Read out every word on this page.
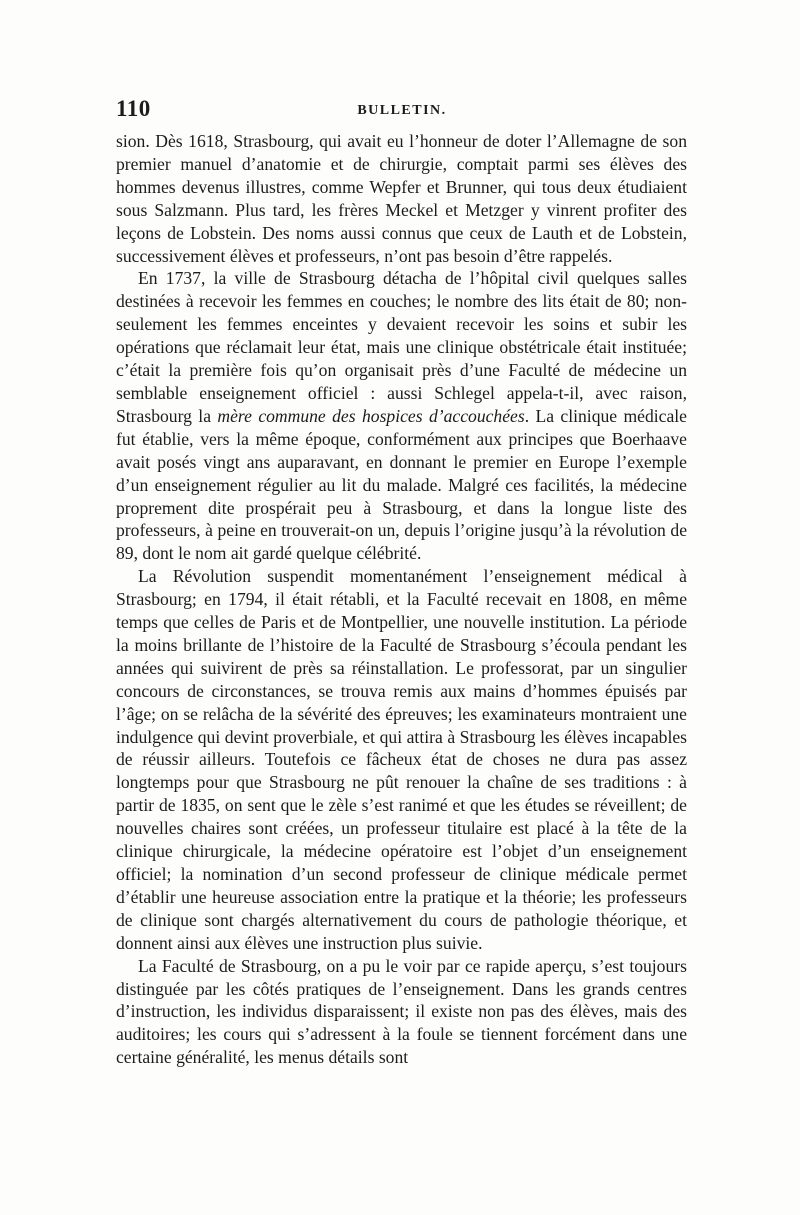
110	BULLETIN.

sion. Dès 1618, Strasbourg, qui avait eu l’honneur de doter l’Allemagne de son premier manuel d’anatomie et de chirurgie, comptait parmi ses élèves des hommes devenus illustres, comme Wepfer et Brunner, qui tous deux étudiaient sous Salzmann. Plus tard, les frères Meckel et Metzger y vinrent profiter des leçons de Lobstein. Des noms aussi connus que ceux de Lauth et de Lobstein, successivement élèves et professeurs, n’ont pas besoin d’être rappelés.

En 1737, la ville de Strasbourg détacha de l’hôpital civil quelques salles destinées à recevoir les femmes en couches; le nombre des lits était de 80; non-seulement les femmes enceintes y devaient recevoir les soins et subir les opérations que réclamait leur état, mais une clinique obstétricale était instituée; c’était la première fois qu’on organisait près d’une Faculté de médecine un semblable enseignement officiel : aussi Schlegel appela-t-il, avec raison, Strasbourg la mère commune des hospices d’accouchées. La clinique médicale fut établie, vers la même époque, conformément aux principes que Boerhaave avait posés vingt ans auparavant, en donnant le premier en Europe l’exemple d’un enseignement régulier au lit du malade. Malgré ces facilités, la médecine proprement dite prospérait peu à Strasbourg, et dans la longue liste des professeurs, à peine en trouverait-on un, depuis l’origine jusqu’à la révolution de 89, dont le nom ait gardé quelque célébrité.

La Révolution suspendit momentanément l’enseignement médical à Strasbourg; en 1794, il était rétabli, et la Faculté recevait en 1808, en même temps que celles de Paris et de Montpellier, une nouvelle institution. La période la moins brillante de l’histoire de la Faculté de Strasbourg s’écoula pendant les années qui suivirent de près sa réinstallation. Le professorat, par un singulier concours de circonstances, se trouva remis aux mains d’hommes épuisés par l’âge; on se relâcha de la sévérité des épreuves; les examinateurs montraient une indulgence qui devint proverbiale, et qui attira à Strasbourg les élèves incapables de réussir ailleurs. Toutefois ce fâcheux état de choses ne dura pas assez longtemps pour que Strasbourg ne pût renouer la chaîne de ses traditions : à partir de 1835, on sent que le zèle s’est ranimé et que les études se réveillent; de nouvelles chaires sont créées, un professeur titulaire est placé à la tête de la clinique chirurgicale, la médecine opératoire est l’objet d’un enseignement officiel; la nomination d’un second professeur de clinique médicale permet d’établir une heureuse association entre la pratique et la théorie; les professeurs de clinique sont chargés alternativement du cours de pathologie théorique, et donnent ainsi aux élèves une instruction plus suivie.

La Faculté de Strasbourg, on a pu le voir par ce rapide aperçu, s’est toujours distinguée par les côtés pratiques de l’enseignement. Dans les grands centres d’instruction, les individus disparaissent; il existe non pas des élèves, mais des auditoires; les cours qui s’adressent à la foule se tiennent forcément dans une certaine généralité, les menus détails sont
